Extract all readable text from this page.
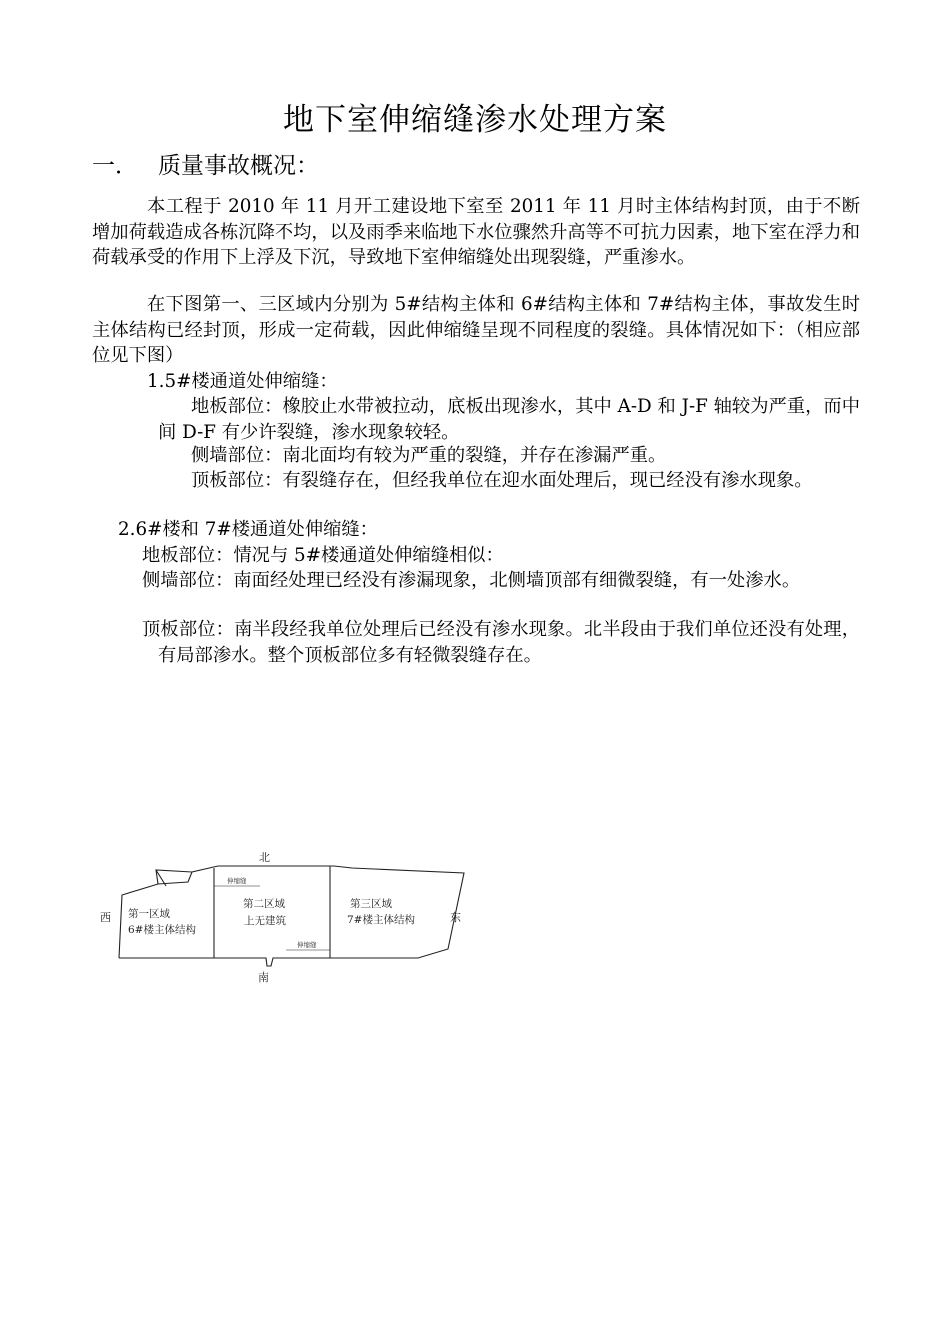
地下室伸缩缝渗水处理方案
一． 质量事故概况：
本工程于 2010 年 11 月开工建设地下室至 2011 年 11 月时主体结构封顶，由于不断增加荷载造成各栋沉降不均，以及雨季来临地下水位骤然升高等不可抗力因素，地下室在浮力和荷载承受的作用下上浮及下沉，导致地下室伸缩缝处出现裂缝，严重渗水。
在下图第一、三区域内分别为 5#结构主体和 6#结构主体和 7#结构主体，事故发生时主体结构已经封顶，形成一定荷载，因此伸缩缝呈现不同程度的裂缝。具体情况如下：（相应部位见下图）
1.5#楼通道处伸缩缝：
地板部位：橡胶止水带被拉动，底板出现渗水，其中 A-D 和 J-F 轴较为严重，而中间 D-F 有少许裂缝，渗水现象较轻。
侧墙部位：南北面均有较为严重的裂缝，并存在渗漏严重。
顶板部位：有裂缝存在，但经我单位在迎水面处理后，现已经没有渗水现象。
2.6#楼和 7#楼通道处伸缩缝：
地板部位：情况与 5#楼通道处伸缩缝相似：
侧墙部位：南面经处理已经没有渗漏现象，北侧墙顶部有细微裂缝，有一处渗水。
顶板部位：南半段经我单位处理后已经没有渗水现象。北半段由于我们单位还没有处理，有局部渗水。整个顶板部位多有轻微裂缝存在。
北
南
西	东
伸缩缝
伸缩缝
第一区域
6#楼主体结构
第二区域
上无建筑
第三区域
7#楼主体结构
